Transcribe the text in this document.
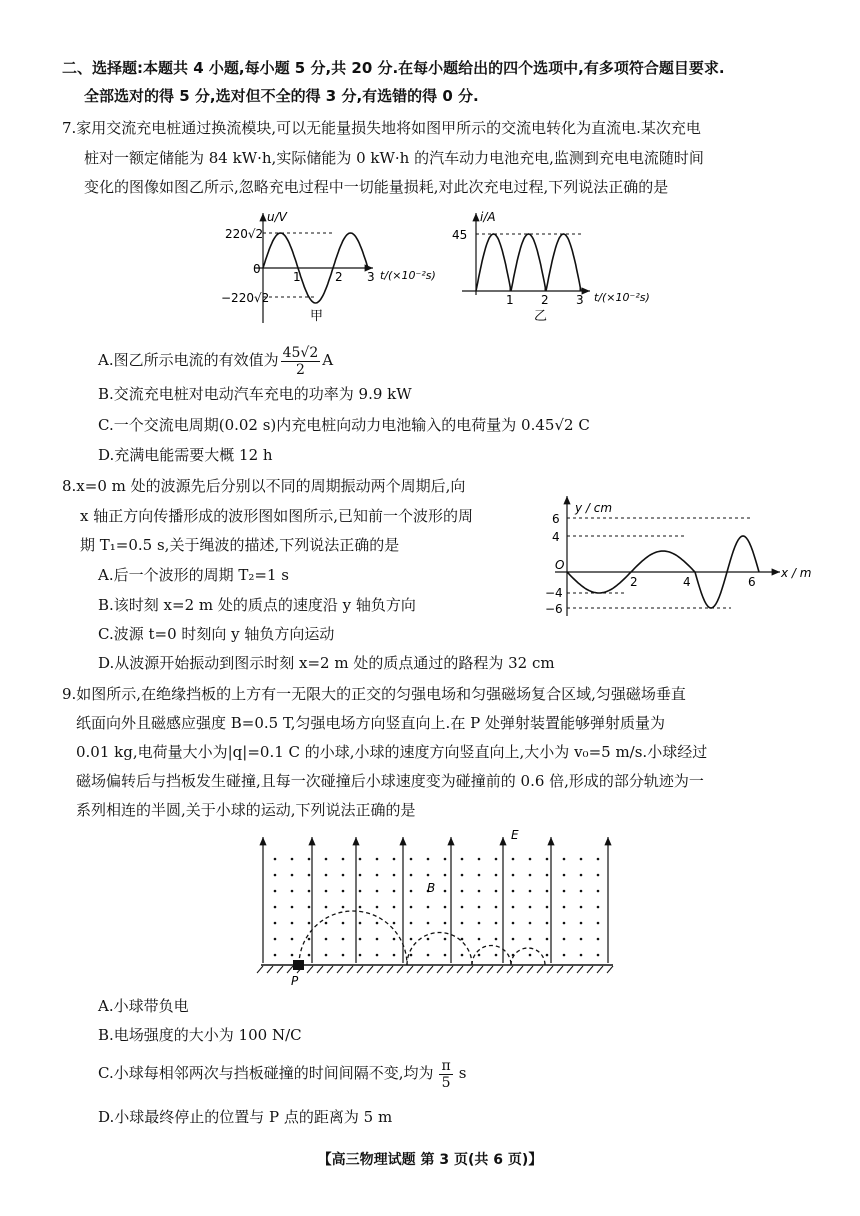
二、选择题:本题共 4 小题,每小题 5 分,共 20 分.在每小题给出的四个选项中,有多项符合题目要求.
全部选对的得 5 分,选对但不全的得 3 分,有选错的得 0 分.
7.家用交流充电桩通过换流模块,可以无能量损失地将如图甲所示的交流电转化为直流电.某次充电
桩对一额定储能为 84 kW·h,实际储能为 0 kW·h 的汽车动力电池充电,监测到充电电流随时间
变化的图像如图乙所示,忽略充电过程中一切能量损耗,对此次充电过程,下列说法正确的是
u/V
220√2
−220√2
0
1	2 3 t/(×10⁻²s)
甲
i/A
45
1 2 3 t/(×10⁻²s)
乙
A.图乙所示电流的有效值为 $\frac{45√2}{2}$ A
B.交流充电桩对电动汽车充电的功率为 9.9 kW
C.一个交流电周期(0.02 s)内充电桩向动力电池输入的电荷量为 0.45√2 C
D.充满电能需要大概 12 h
8.x=0 m 处的波源先后分别以不同的周期振动两个周期后,向
x 轴正方向传播形成的波形图如图所示,已知前一个波形的周
期 T₁=0.5 s,关于绳波的描述,下列说法正确的是
A.后一个波形的周期 T₂=1 s
B.该时刻 x=2 m 处的质点的速度沿 y 轴负方向
C.波源 t=0 时刻向 y 轴负方向运动
D.从波源开始振动到图示时刻 x=2 m 处的质点通过的路程为 32 cm
y / cm
6
4
−4
−6
O
2	4	6
x / m
9.如图所示,在绝缘挡板的上方有一无限大的正交的匀强电场和匀强磁场复合区域,匀强磁场垂直
纸面向外且磁感应强度 B=0.5 T,匀强电场方向竖直向上.在 P 处弹射装置能够弹射质量为
0.01 kg,电荷量大小为|q|=0.1 C 的小球,小球的速度方向竖直向上,大小为 v₀=5 m/s.小球经过
磁场偏转后与挡板发生碰撞,且每一次碰撞后小球速度变为碰撞前的 0.6 倍,形成的部分轨迹为一
系列相连的半圆,关于小球的运动,下列说法正确的是
E
B
P
A.小球带负电
B.电场强度的大小为 100 N/C
C.小球每相邻两次与挡板碰撞的时间间隔不变,均为 $\frac{\pi}{5}$ s
D.小球最终停止的位置与 P 点的距离为 5 m
【高三物理试题 第 3 页(共 6 页)】
